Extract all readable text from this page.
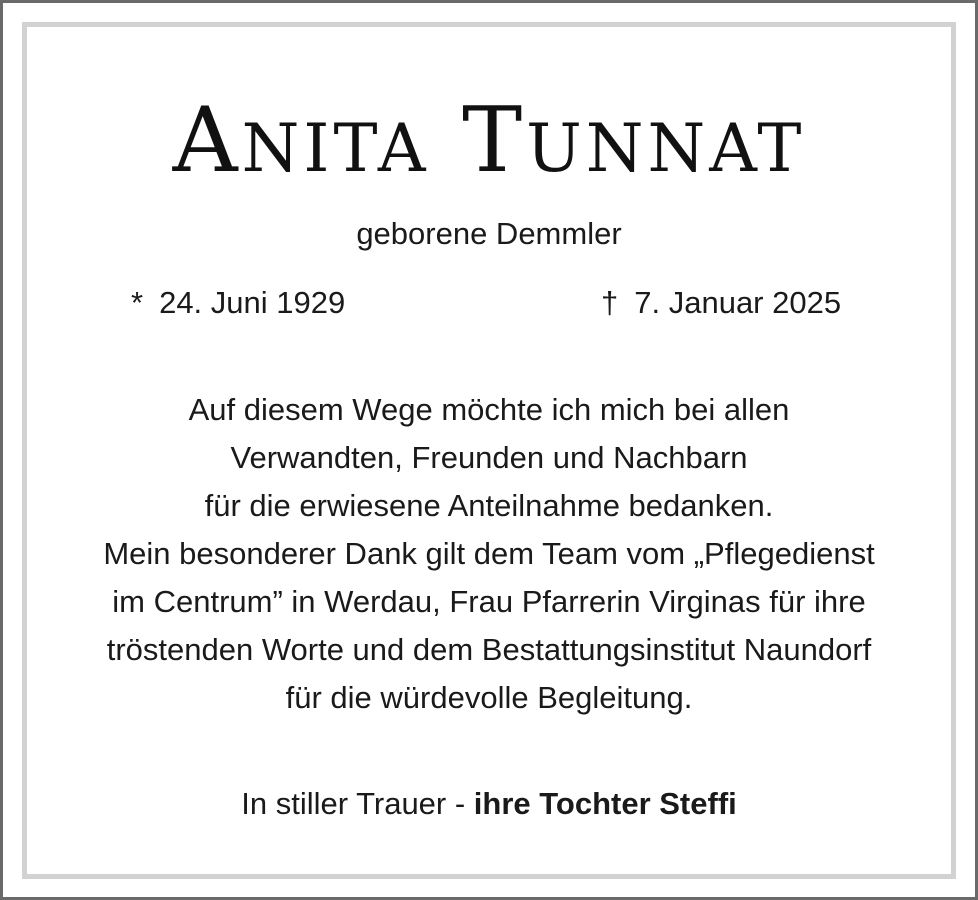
ANITA TUNNAT
geborene Demmler
* 24. Juni 1929	† 7. Januar 2025
Auf diesem Wege möchte ich mich bei allen
Verwandten, Freunden und Nachbarn
für die erwiesene Anteilnahme bedanken.
Mein besonderer Dank gilt dem Team vom „Pflegedienst
im Centrum” in Werdau, Frau Pfarrerin Virginas für ihre
tröstenden Worte und dem Bestattungsinstitut Naundorf
für die würdevolle Begleitung.
In stiller Trauer - ihre Tochter Steffi
